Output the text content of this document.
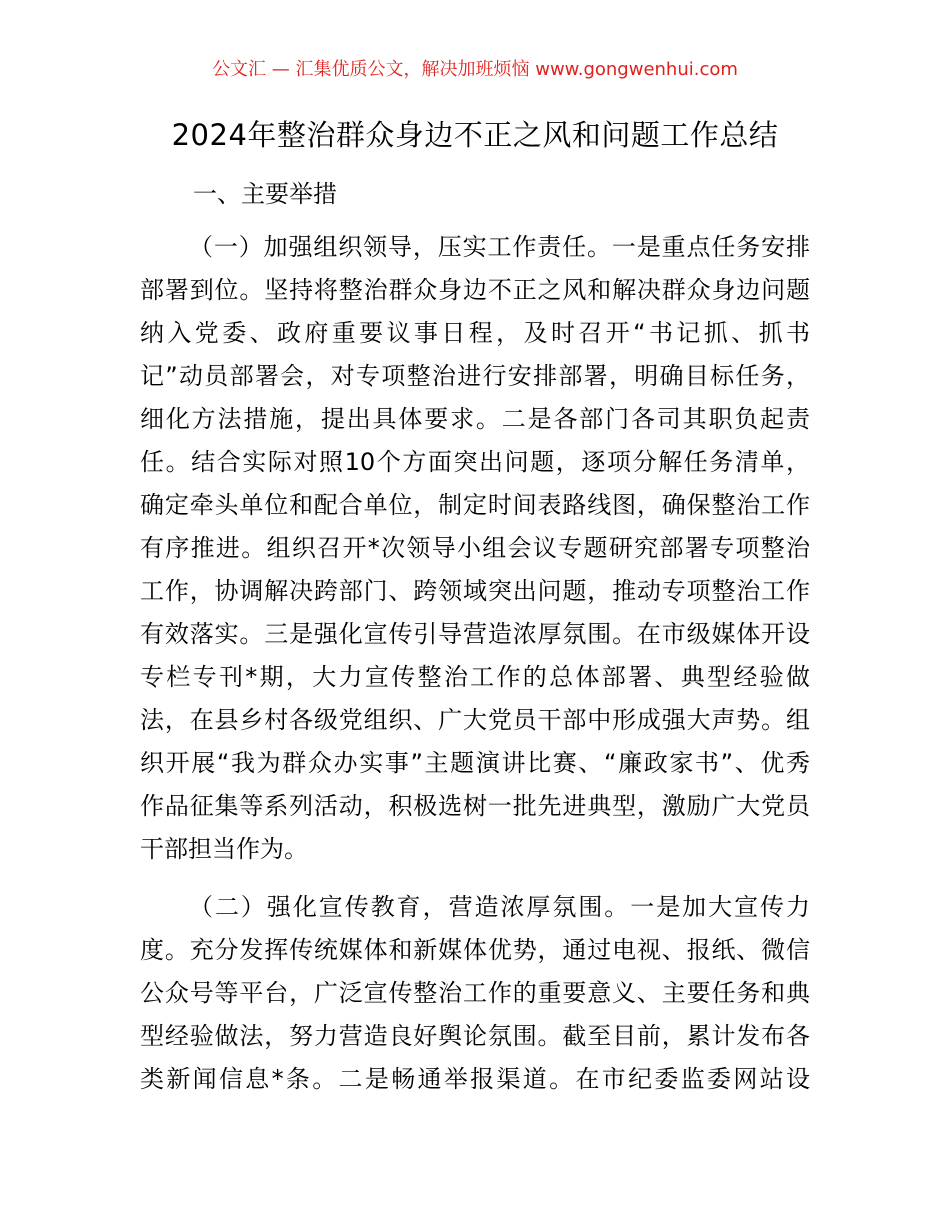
公文汇 — 汇集优质公文，解决加班烦恼 www.gongwenhui.com
2024年整治群众身边不正之风和问题工作总结
一、主要举措
（一）加强组织领导，压实工作责任。一是重点任务安排
部署到位。坚持将整治群众身边不正之风和解决群众身边问题
纳入党委、政府重要议事日程，及时召开“书记抓、抓书
记”动员部署会，对专项整治进行安排部署，明确目标任务，
细化方法措施，提出具体要求。二是各部门各司其职负起责
任。结合实际对照10个方面突出问题，逐项分解任务清单，
确定牵头单位和配合单位，制定时间表路线图，确保整治工作
有序推进。组织召开*次领导小组会议专题研究部署专项整治
工作，协调解决跨部门、跨领域突出问题，推动专项整治工作
有效落实。三是强化宣传引导营造浓厚氛围。在市级媒体开设
专栏专刊*期，大力宣传整治工作的总体部署、典型经验做
法，在县乡村各级党组织、广大党员干部中形成强大声势。组
织开展“我为群众办实事”主题演讲比赛、“廉政家书”、优秀
作品征集等系列活动，积极选树一批先进典型，激励广大党员
干部担当作为。
（二）强化宣传教育，营造浓厚氛围。一是加大宣传力
度。充分发挥传统媒体和新媒体优势，通过电视、报纸、微信
公众号等平台，广泛宣传整治工作的重要意义、主要任务和典
型经验做法，努力营造良好舆论氛围。截至目前，累计发布各
类新闻信息*条。二是畅通举报渠道。在市纪委监委网站设
